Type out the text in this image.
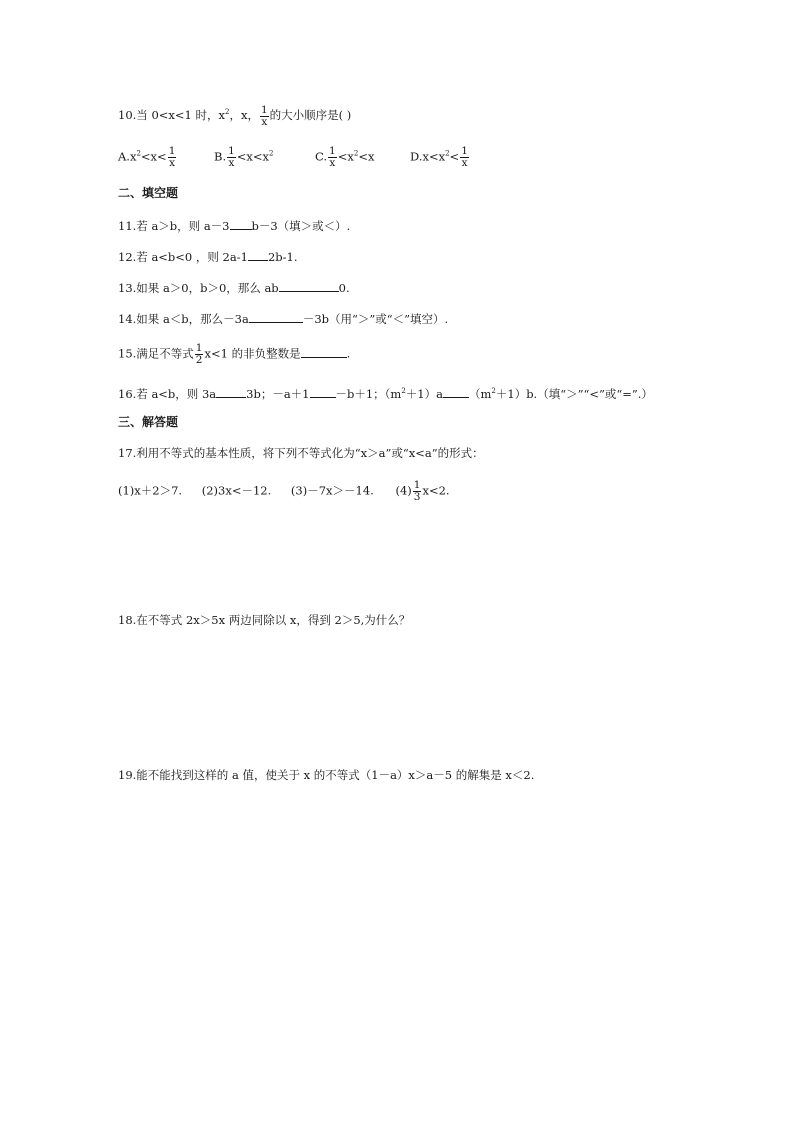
10.当 0<x<1 时，$x^2$，x， $\frac{1}{x}$ 的大小顺序是( )
$A.x^2<x< \frac{1}{x}$	B. $\frac{1}{x} <x<x^2$	C. $\frac{1}{x} <x^2<x$	$D.x<x^2< \frac{1}{x}$
二、填空题
11.若 a＞b，则 a－3 b－3（填＞或＜）.
12.若 a<b<0 ，则 2a-1 2b-1.
13.如果 a＞0，b＞0，那么 ab	0.
14.如果 a＜b，那么－3a	－3b（用“＞”或“＜”填空）.
15.满足不等式 $\frac{1}{2} x<1$ 的非负整数是	.
16.若 a<b，则 3a	3b；－a＋1 －b＋1；$(m^2+1)a$ $(m^2+1)b$.（填“＞”“<”或“=”.）
三、解答题
17.利用不等式的基本性质，将下列不等式化为“x＞a”或“x<a”的形式：
(1)x＋2＞7. (2)3x<－12. (3)－7x＞－14. $(4) \frac{1}{3} x<2$.
18.在不等式 2x＞5x 两边同除以 x，得到 2＞5,为什么？
19.能不能找到这样的 a 值，使关于 x 的不等式（1－a）x＞a－5 的解集是 x＜2.
